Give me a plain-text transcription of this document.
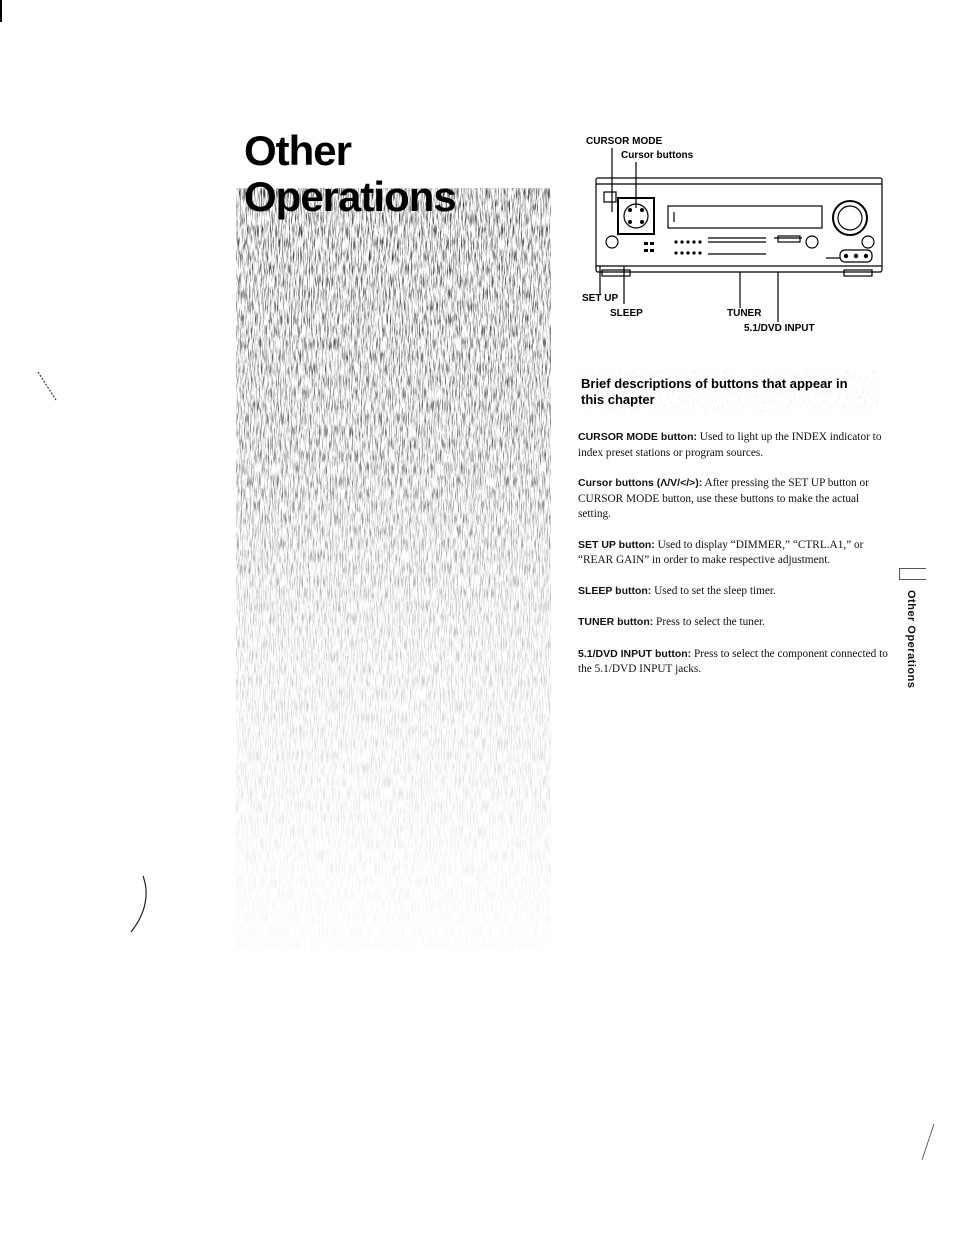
Other
Operations
CURSOR MODE
Cursor buttons
SET UP
SLEEP	TUNER
5.1/DVD INPUT
Brief descriptions of buttons that appear in this chapter

CURSOR MODE button: Used to light up the INDEX indicator to index preset stations or program sources.

Cursor buttons (Λ/V/</>): After pressing the SET UP button or CURSOR MODE button, use these buttons to make the actual setting.

SET UP button: Used to display “DIMMER,” “CTRL.A1,” or “REAR GAIN” in order to make respective adjustment.

SLEEP button: Used to set the sleep timer.

TUNER button: Press to select the tuner.

5.1/DVD INPUT button: Press to select the component connected to the 5.1/DVD INPUT jacks.	Other Operations
